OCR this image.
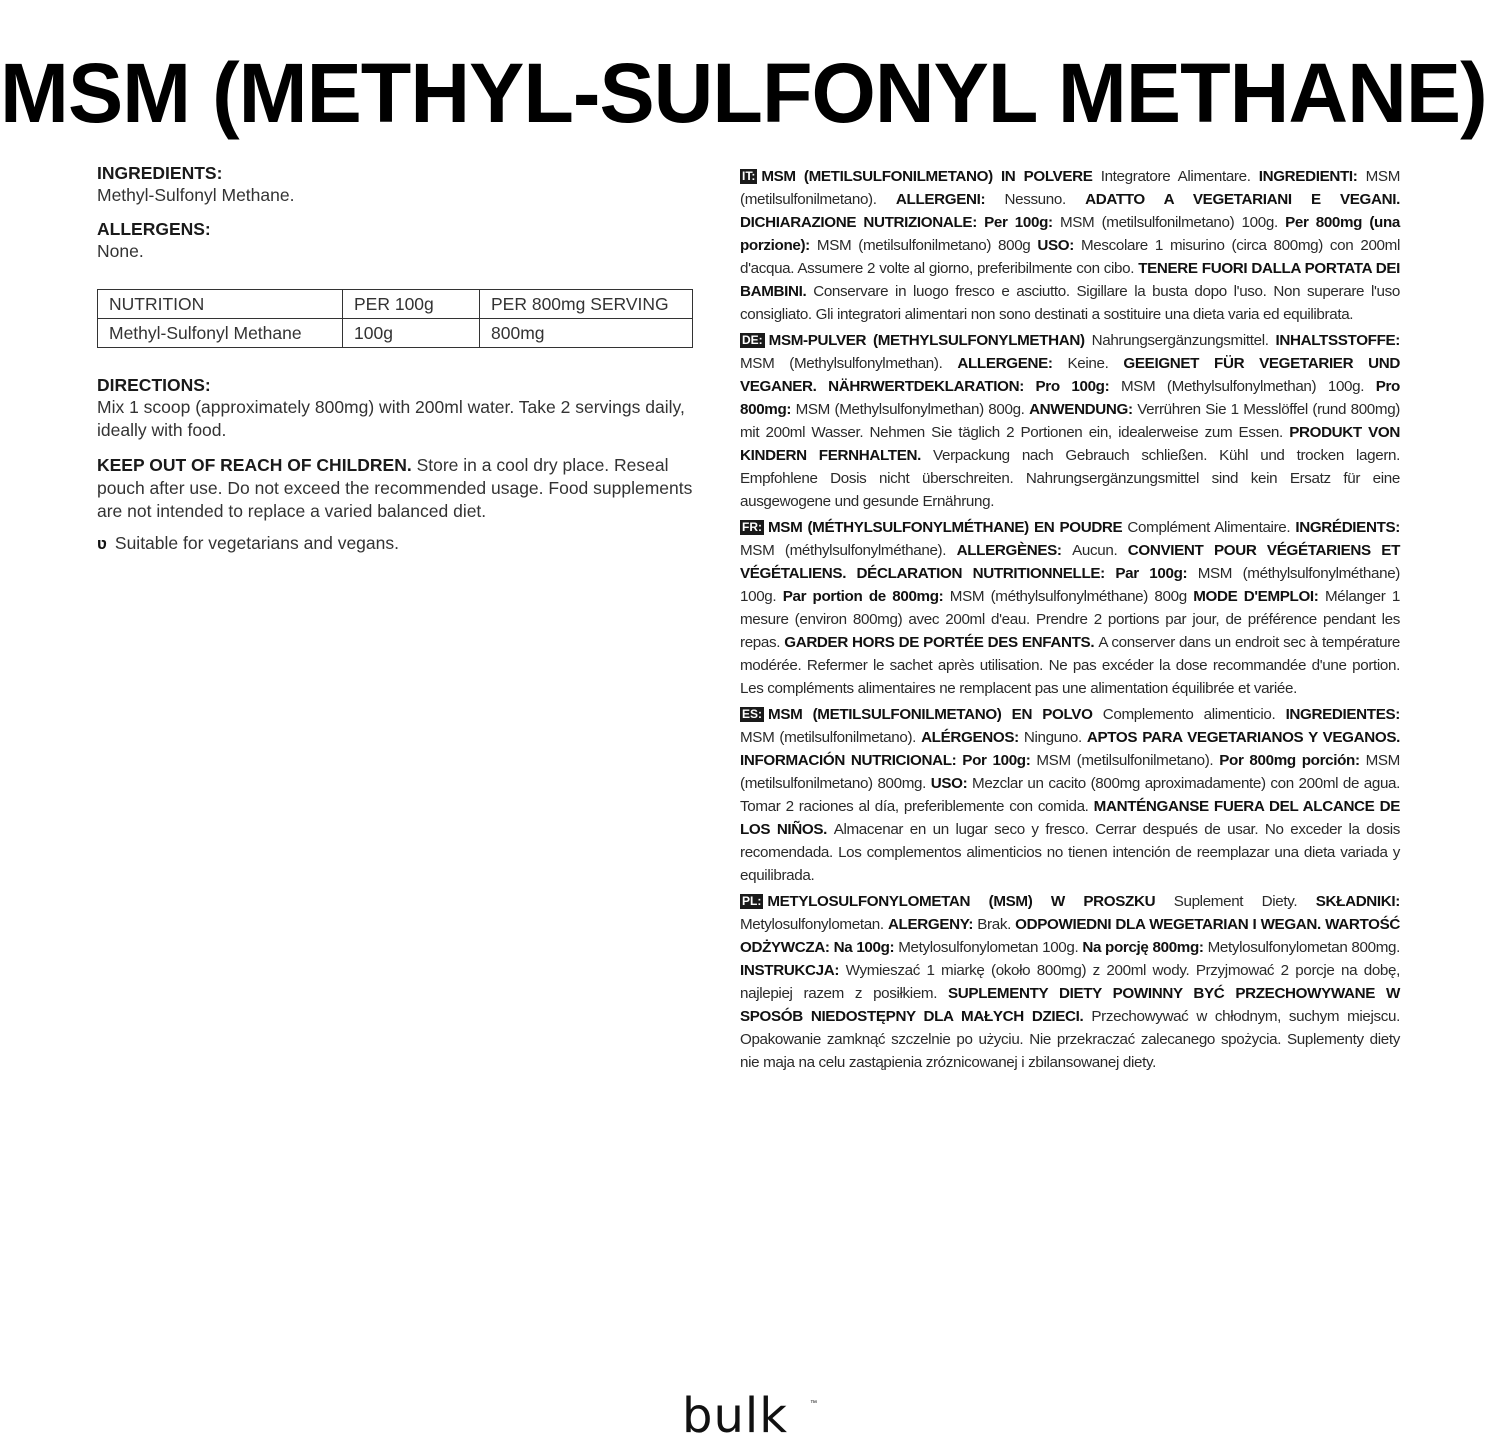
MSM (METHYL-SULFONYL METHANE)
INGREDIENTS:
Methyl-Sulfonyl Methane.
ALLERGENS:
None.
NUTRITION	PER 100g	PER 800mg SERVING
Methyl-Sulfonyl Methane	100g	800mg
DIRECTIONS:
Mix 1 scoop (approximately 800mg) with 200ml water. Take 2 servings daily, ideally with food.
KEEP OUT OF REACH OF CHILDREN. Store in a cool dry place. Reseal pouch after use. Do not exceed the recommended usage. Food supplements are not intended to replace a varied balanced diet.
ʋ Suitable for vegetarians and vegans.
IT: MSM (METILSULFONILMETANO) IN POLVERE Integratore Alimentare. INGREDIENTI: MSM (metilsulfonilmetano). ALLERGENI: Nessuno. ADATTO A VEGETARIANI E VEGANI. DICHIARAZIONE NUTRIZIONALE: Per 100g: MSM (metilsulfonilmetano) 100g. Per 800mg (una porzione): MSM (metilsulfonilmetano) 800g USO: Mescolare 1 misurino (circa 800mg) con 200ml d'acqua. Assumere 2 volte al giorno, preferibilmente con cibo. TENERE FUORI DALLA PORTATA DEI BAMBINI. Conservare in luogo fresco e asciutto. Sigillare la busta dopo l'uso. Non superare l'uso consigliato. Gli integratori alimentari non sono destinati a sostituire una dieta varia ed equilibrata.
DE: MSM-PULVER (METHYLSULFONYLMETHAN) Nahrungsergänzungsmittel. INHALTSSTOFFE: MSM (Methylsulfonylmethan). ALLERGENE: Keine. GEEIGNET FÜR VEGETARIER UND VEGANER. NÄHRWERTDEKLARATION: Pro 100g: MSM (Methylsulfonylmethan) 100g. Pro 800mg: MSM (Methylsulfonylmethan) 800g. ANWENDUNG: Verrühren Sie 1 Messlöffel (rund 800mg) mit 200ml Wasser. Nehmen Sie täglich 2 Portionen ein, idealerweise zum Essen. PRODUKT VON KINDERN FERNHALTEN. Verpackung nach Gebrauch schließen. Kühl und trocken lagern. Empfohlene Dosis nicht überschreiten. Nahrungsergänzungsmittel sind kein Ersatz für eine ausgewogene und gesunde Ernährung.
FR: MSM (MÉTHYLSULFONYLMÉTHANE) EN POUDRE Complément Alimentaire. INGRÉDIENTS: MSM (méthylsulfonylméthane). ALLERGÈNES: Aucun. CONVIENT POUR VÉGÉTARIENS ET VÉGÉTALIENS. DÉCLARATION NUTRITIONNELLE: Par 100g: MSM (méthylsulfonylméthane) 100g. Par portion de 800mg: MSM (méthylsulfonylméthane) 800g MODE D'EMPLOI: Mélanger 1 mesure (environ 800mg) avec 200ml d'eau. Prendre 2 portions par jour, de préférence pendant les repas. GARDER HORS DE PORTÉE DES ENFANTS. A conserver dans un endroit sec à température modérée. Refermer le sachet après utilisation. Ne pas excéder la dose recommandée d'une portion. Les compléments alimentaires ne remplacent pas une alimentation équilibrée et variée.
ES: MSM (METILSULFONILMETANO) EN POLVO Complemento alimenticio. INGREDIENTES: MSM (metilsulfonilmetano). ALÉRGENOS: Ninguno. APTOS PARA VEGETARIANOS Y VEGANOS. INFORMACIÓN NUTRICIONAL: Por 100g: MSM (metilsulfonilmetano). Por 800mg porción: MSM (metilsulfonilmetano) 800mg. USO: Mezclar un cacito (800mg aproximadamente) con 200ml de agua. Tomar 2 raciones al día, preferiblemente con comida. MANTÉNGANSE FUERA DEL ALCANCE DE LOS NIÑOS. Almacenar en un lugar seco y fresco. Cerrar después de usar. No exceder la dosis recomendada. Los complementos alimenticios no tienen intención de reemplazar una dieta variada y equilibrada.
PL: METYLOSULFONYLOMETAN (MSM) W PROSZKU Suplement Diety. SKŁADNIKI: Metylosulfonylometan. ALERGENY: Brak. ODPOWIEDNI DLA WEGETARIAN I WEGAN. WARTOŚĆ ODŻYWCZA: Na 100g: Metylosulfonylometan 100g. Na porcję 800mg: Metylosulfonylometan 800mg. INSTRUKCJA: Wymieszać 1 miarkę (około 800mg) z 200ml wody. Przyjmować 2 porcje na dobę, najlepiej razem z posiłkiem. SUPLEMENTY DIETY POWINNY BYĆ PRZECHOWYWANE W SPOSÓB NIEDOSTĘPNY DLA MAŁYCH DZIECI. Przechowywać w chłodnym, suchym miejscu. Opakowanie zamknąć szczelnie po użyciu. Nie przekraczać zalecanego spożycia. Suplementy diety nie maja na celu zastąpienia zróznicowanej i zbilansowanej diety.
bulk	™
